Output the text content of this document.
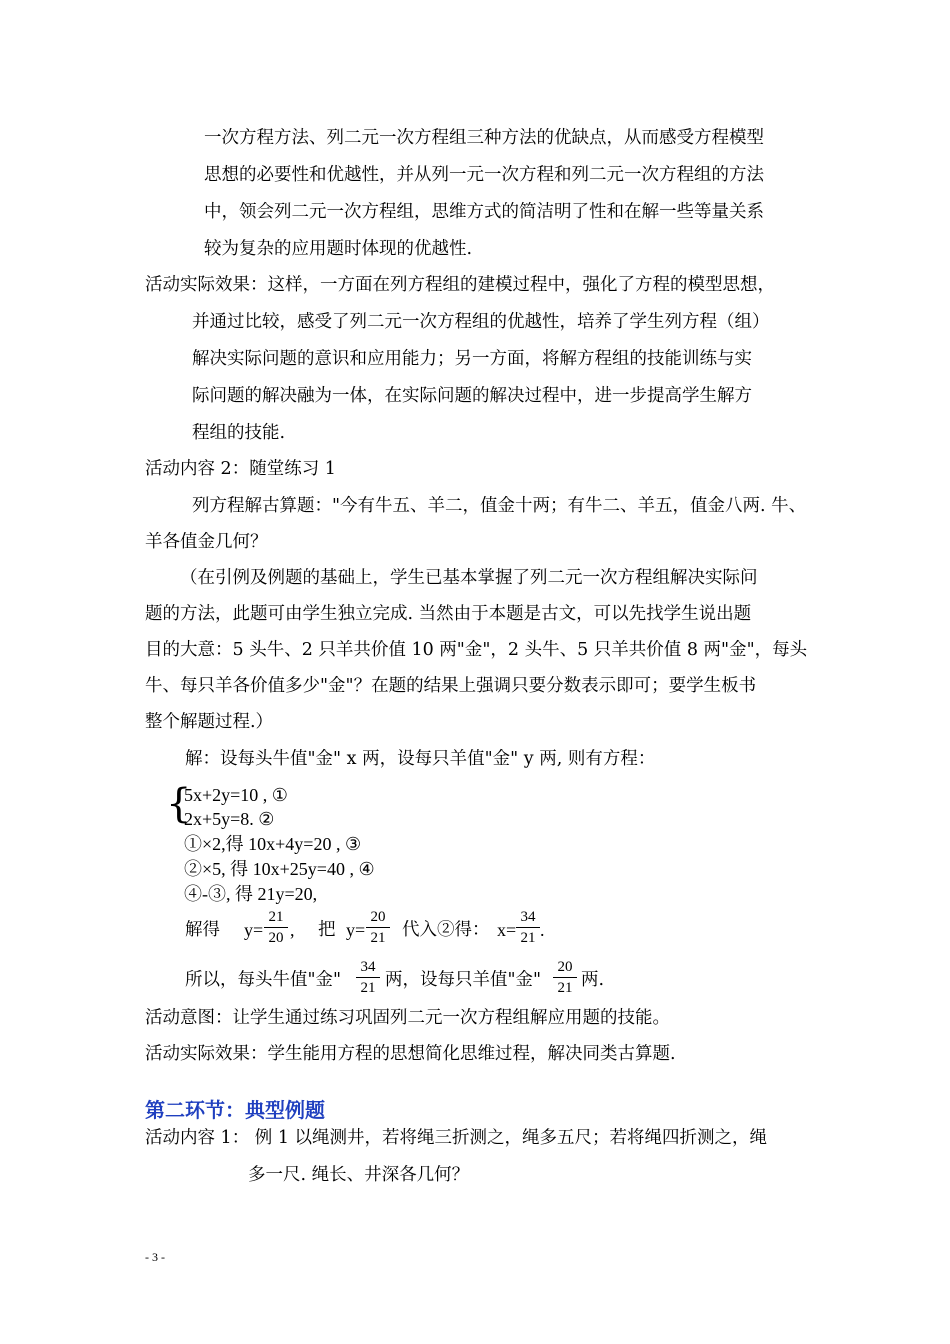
一次方程方法、列二元一次方程组三种方法的优缺点，从而感受方程模型
思想的必要性和优越性，并从列一元一次方程和列二元一次方程组的方法
中，领会列二元一次方程组，思维方式的简洁明了性和在解一些等量关系
较为复杂的应用题时体现的优越性.
活动实际效果：这样，一方面在列方程组的建模过程中，强化了方程的模型思想，
并通过比较，感受了列二元一次方程组的优越性，培养了学生列方程（组）
解决实际问题的意识和应用能力；另一方面，将解方程组的技能训练与实
际问题的解决融为一体，在实际问题的解决过程中，进一步提高学生解方
程组的技能.
活动内容 2：随堂练习 1
列方程解古算题："今有牛五、羊二，值金十两；有牛二、羊五，值金八两. 牛、
羊各值金几何？
（在引例及例题的基础上，学生已基本掌握了列二元一次方程组解决实际问
题的方法，此题可由学生独立完成. 当然由于本题是古文，可以先找学生说出题
目的大意：5 头牛、2 只羊共价值 10 两"金"，2 头牛、5 只羊共价值 8 两"金"，每头
牛、每只羊各价值多少"金"？在题的结果上强调只要分数表示即可；要学生板书
整个解题过程.）
解：设每头牛值"金" x 两，设每只羊值"金" y 两, 则有方程：
{
5x+2y=10 , ①
2x+5y=8. ②
①×2,得 10x+4y=20 , ③
②×5, 得 10x+25y=40 , ④
④-③, 得 21y=20,
解得 y=
21
20 , 把 y=
20
21 代入②得： x=
34
21 .
所以，每头牛值"金"
34
21 两，设每只羊值"金"
20
21 两.
活动意图：让学生通过练习巩固列二元一次方程组解应用题的技能。
活动实际效果：学生能用方程的思想简化思维过程，解决同类古算题.
第二环节：典型例题
活动内容 1： 例 1 以绳测井，若将绳三折测之，绳多五尺；若将绳四折测之，绳
多一尺. 绳长、井深各几何？
- 3 -
